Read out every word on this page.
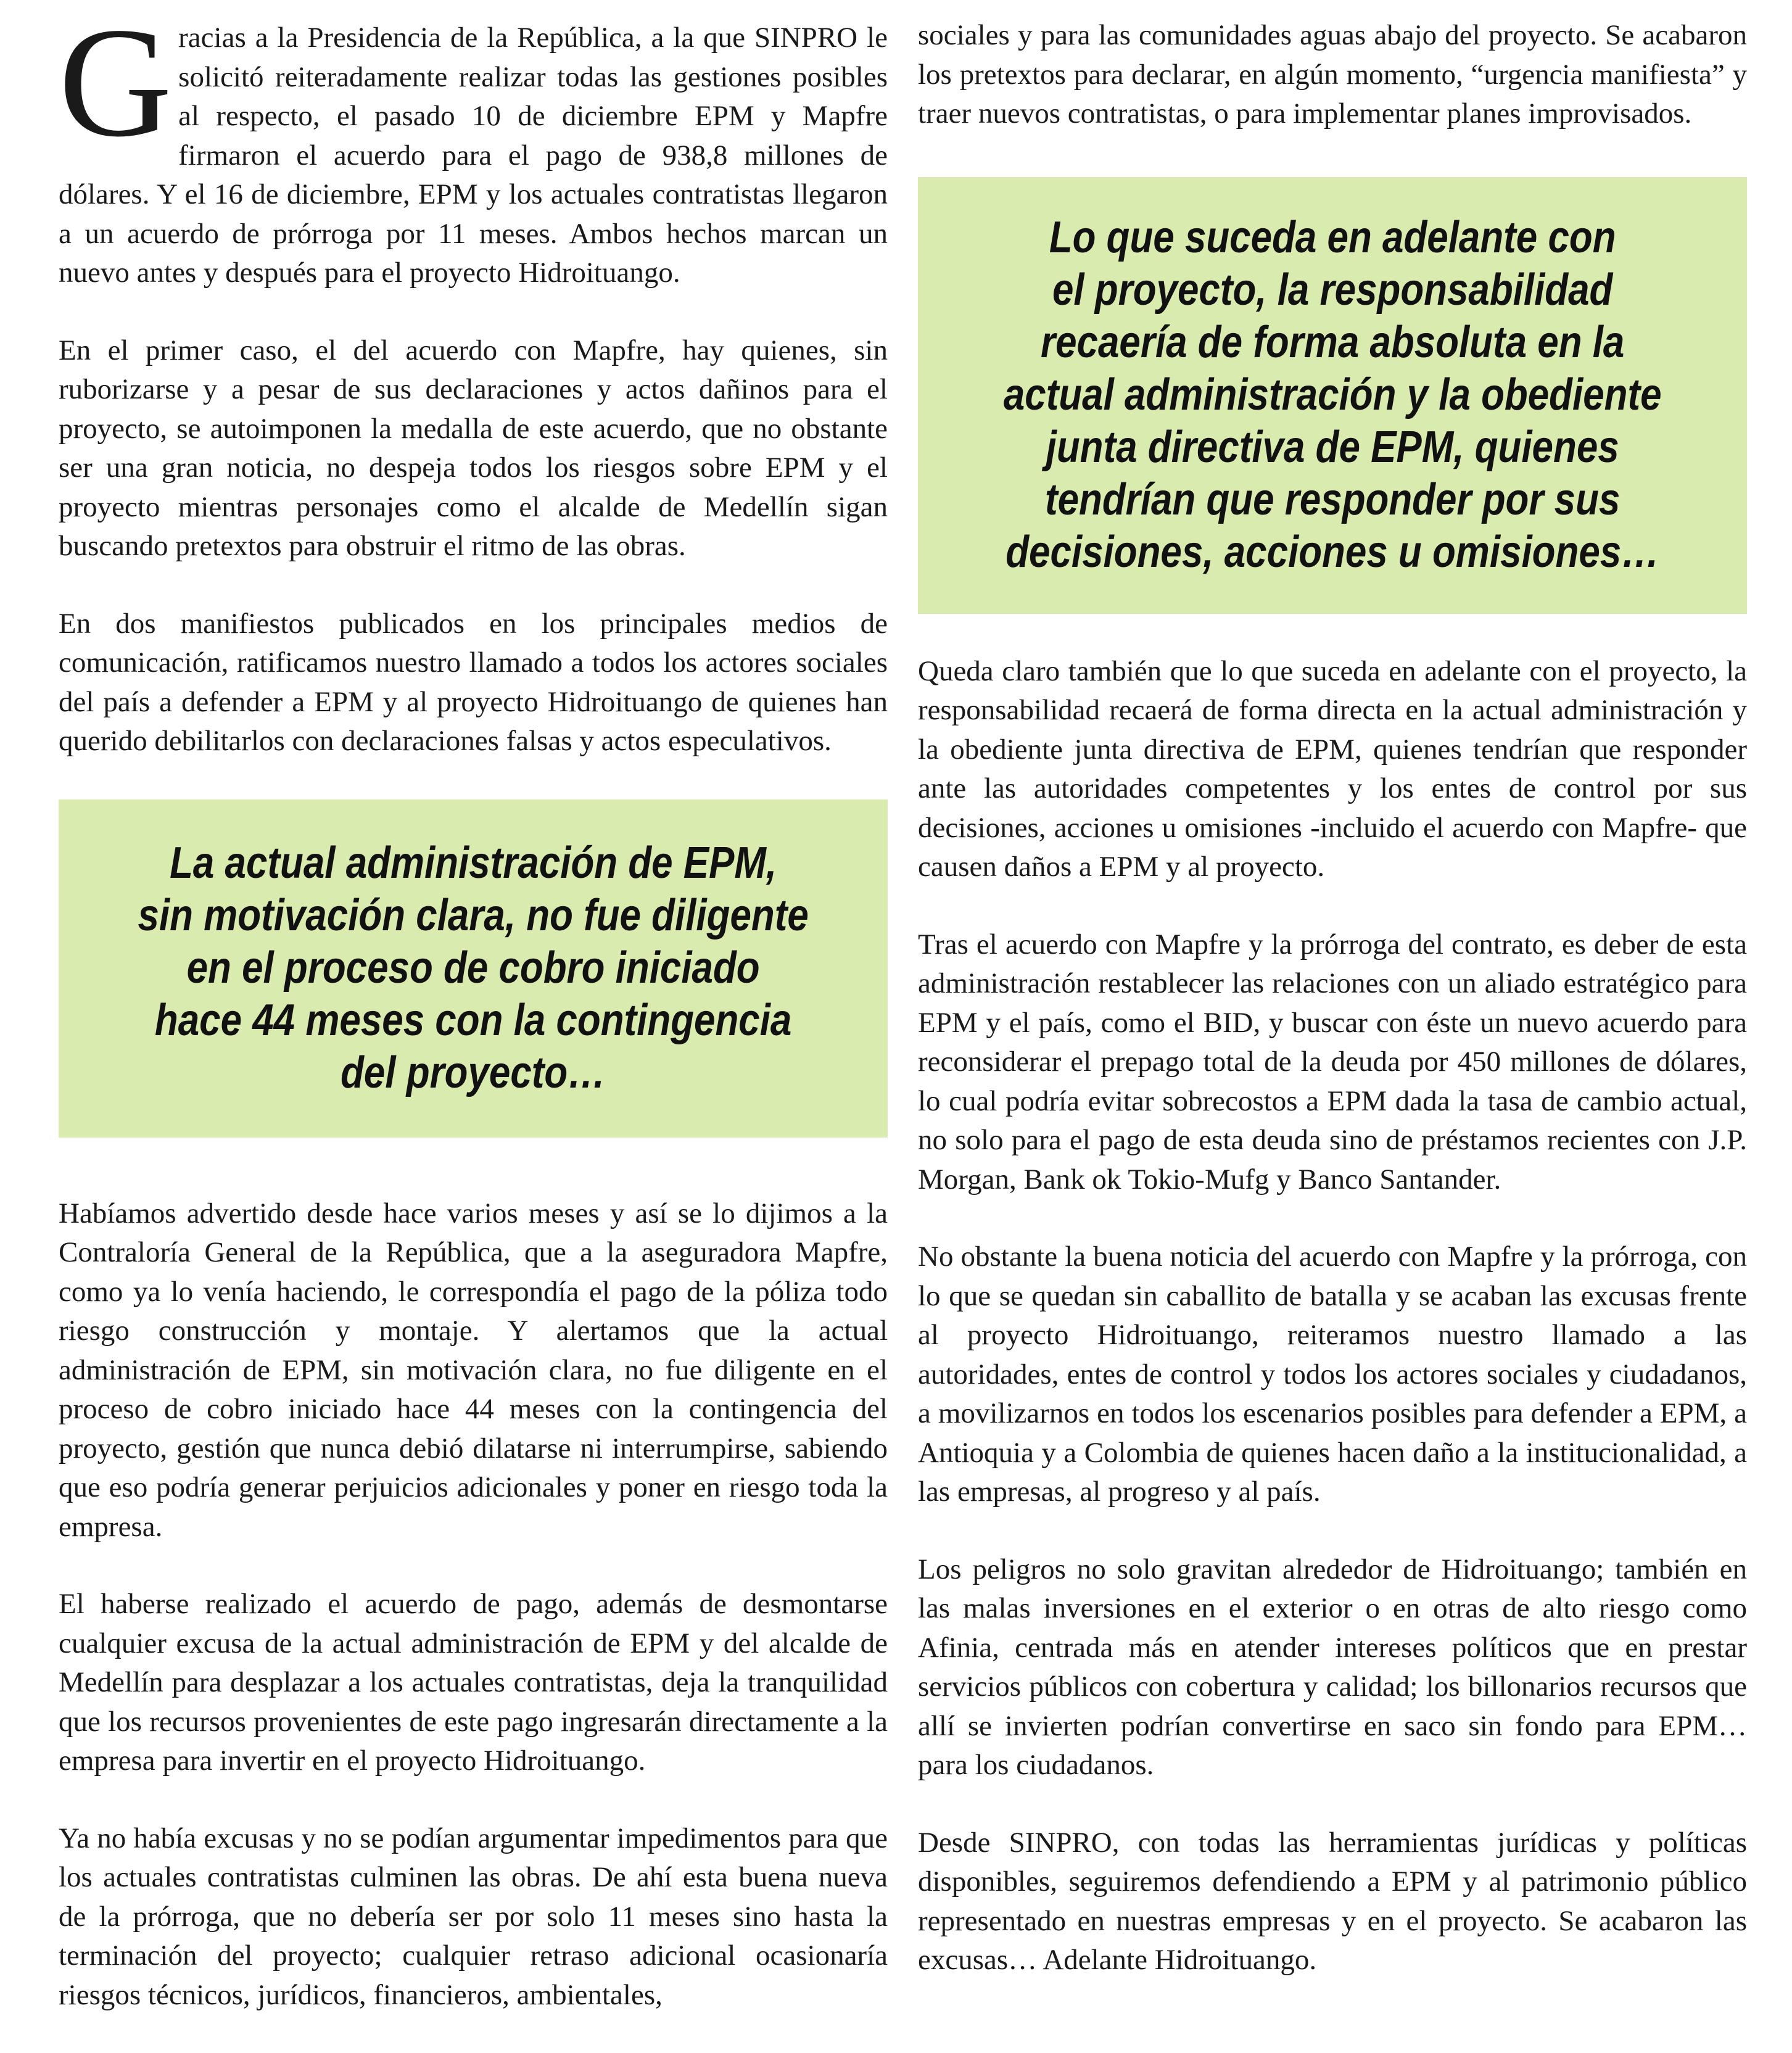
Gracias a la Presidencia de la República, a la que SINPRO le solicitó reiteradamente realizar todas las gestiones posibles al respecto, el pasado 10 de diciembre EPM y Mapfre firmaron el acuerdo para el pago de 938,8 millones de dólares. Y el 16 de diciembre, EPM y los actuales contratistas llegaron a un acuerdo de prórroga por 11 meses. Ambos hechos marcan un nuevo antes y después para el proyecto Hidroituango.

En el primer caso, el del acuerdo con Mapfre, hay quienes, sin ruborizarse y a pesar de sus declaraciones y actos dañinos para el proyecto, se autoimponen la medalla de este acuerdo, que no obstante ser una gran noticia, no despeja todos los riesgos sobre EPM y el proyecto mientras personajes como el alcalde de Medellín sigan buscando pretextos para obstruir el ritmo de las obras.

En dos manifiestos publicados en los principales medios de comunicación, ratificamos nuestro llamado a todos los actores sociales del país a defender a EPM y al proyecto Hidroituango de quienes han querido debilitarlos con declaraciones falsas y actos especulativos.

La actual administración de EPM,
sin motivación clara, no fue diligente
en el proceso de cobro iniciado
hace 44 meses con la contingencia
del proyecto…

Habíamos advertido desde hace varios meses y así se lo dijimos a la Contraloría General de la República, que a la aseguradora Mapfre, como ya lo venía haciendo, le correspondía el pago de la póliza todo riesgo construcción y montaje. Y alertamos que la actual administración de EPM, sin motivación clara, no fue diligente en el proceso de cobro iniciado hace 44 meses con la contingencia del proyecto, gestión que nunca debió dilatarse ni interrumpirse, sabiendo que eso podría generar perjuicios adicionales y poner en riesgo toda la empresa.

El haberse realizado el acuerdo de pago, además de desmontarse cualquier excusa de la actual administración de EPM y del alcalde de Medellín para desplazar a los actuales contratistas, deja la tranquilidad que los recursos provenientes de este pago ingresarán directamente a la empresa para invertir en el proyecto Hidroituango.

Ya no había excusas y no se podían argumentar impedimentos para que los actuales contratistas culminen las obras. De ahí esta buena nueva de la prórroga, que no debería ser por solo 11 meses sino hasta la terminación del proyecto; cualquier retraso adicional ocasionaría riesgos técnicos, jurídicos, financieros, ambientales,

sociales y para las comunidades aguas abajo del proyecto. Se acabaron los pretextos para declarar, en algún momento, “urgencia manifiesta” y traer nuevos contratistas, o para implementar planes improvisados.

Lo que suceda en adelante con
el proyecto, la responsabilidad
recaería de forma absoluta en la
actual administración y la obediente
junta directiva de EPM, quienes
tendrían que responder por sus
decisiones, acciones u omisiones…

Queda claro también que lo que suceda en adelante con el proyecto, la responsabilidad recaerá de forma directa en la actual administración y la obediente junta directiva de EPM, quienes tendrían que responder ante las autoridades competentes y los entes de control por sus decisiones, acciones u omisiones -incluido el acuerdo con Mapfre- que causen daños a EPM y al proyecto.

Tras el acuerdo con Mapfre y la prórroga del contrato, es deber de esta administración restablecer las relaciones con un aliado estratégico para EPM y el país, como el BID, y buscar con éste un nuevo acuerdo para reconsiderar el prepago total de la deuda por 450 millones de dólares, lo cual podría evitar sobrecostos a EPM dada la tasa de cambio actual, no solo para el pago de esta deuda sino de préstamos recientes con J.P. Morgan, Bank ok Tokio-Mufg y Banco Santander.

No obstante la buena noticia del acuerdo con Mapfre y la prórroga, con lo que se quedan sin caballito de batalla y se acaban las excusas frente al proyecto Hidroituango, reiteramos nuestro llamado a las autoridades, entes de control y todos los actores sociales y ciudadanos, a movilizarnos en todos los escenarios posibles para defender a EPM, a Antioquia y a Colombia de quienes hacen daño a la institucionalidad, a las empresas, al progreso y al país.

Los peligros no solo gravitan alrededor de Hidroituango; también en las malas inversiones en el exterior o en otras de alto riesgo como Afinia, centrada más en atender intereses políticos que en prestar servicios públicos con cobertura y calidad; los billonarios recursos que allí se invierten podrían convertirse en saco sin fondo para EPM… para los ciudadanos.

Desde SINPRO, con todas las herramientas jurídicas y políticas disponibles, seguiremos defendiendo a EPM y al patrimonio público representado en nuestras empresas y en el proyecto. Se acabaron las excusas… Adelante Hidroituango.
